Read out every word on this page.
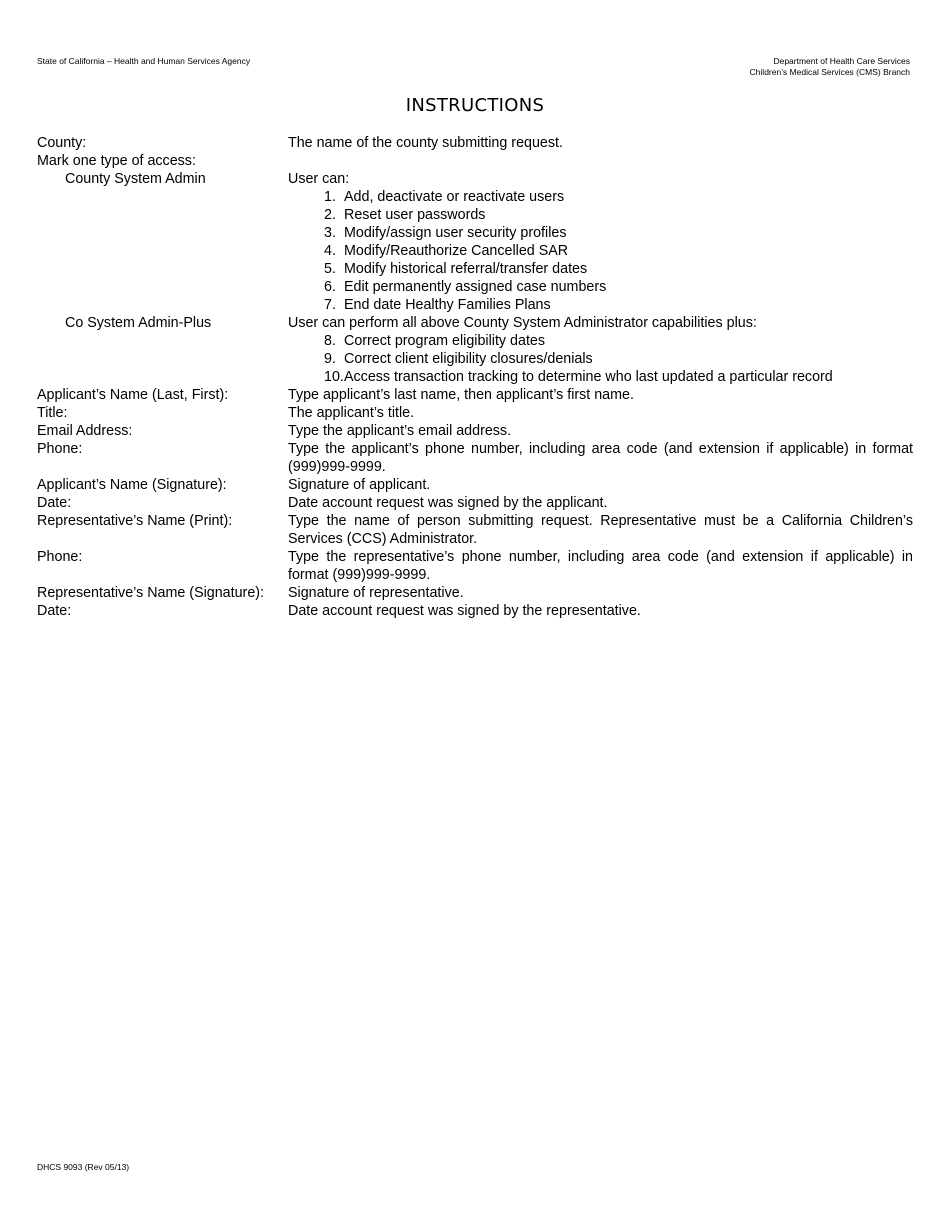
State of California – Health and Human Services Agency	Department of Health Care Services
Children’s Medical Services (CMS) Branch
INSTRUCTIONS
County:	The name of the county submitting request.
Mark one type of access:
County System Admin	User can:
1. Add, deactivate or reactivate users
2. Reset user passwords
3. Modify/assign user security profiles
4. Modify/Reauthorize Cancelled SAR
5. Modify historical referral/transfer dates
6. Edit permanently assigned case numbers
7. End date Healthy Families Plans
Co System Admin-Plus	User can perform all above County System Administrator capabilities plus:
8. Correct program eligibility dates
9. Correct client eligibility closures/denials
10. Access transaction tracking to determine who last updated a particular record
Applicant’s Name (Last, First):	Type applicant’s last name, then applicant’s first name.
Title:	The applicant’s title.
Email Address:	Type the applicant’s email address.
Phone:	Type the applicant’s phone number, including area code (and extension if applicable) in format (999)999-9999.
Applicant’s Name (Signature):	Signature of applicant.
Date:	Date account request was signed by the applicant.
Representative’s Name (Print):	Type the name of person submitting request. Representative must be a California Children’s Services (CCS) Administrator.
Phone:	Type the representative’s phone number, including area code (and extension if applicable) in format (999)999-9999.
Representative’s Name (Signature):	Signature of representative.
Date:	Date account request was signed by the representative.
DHCS 9093 (Rev 05/13)
